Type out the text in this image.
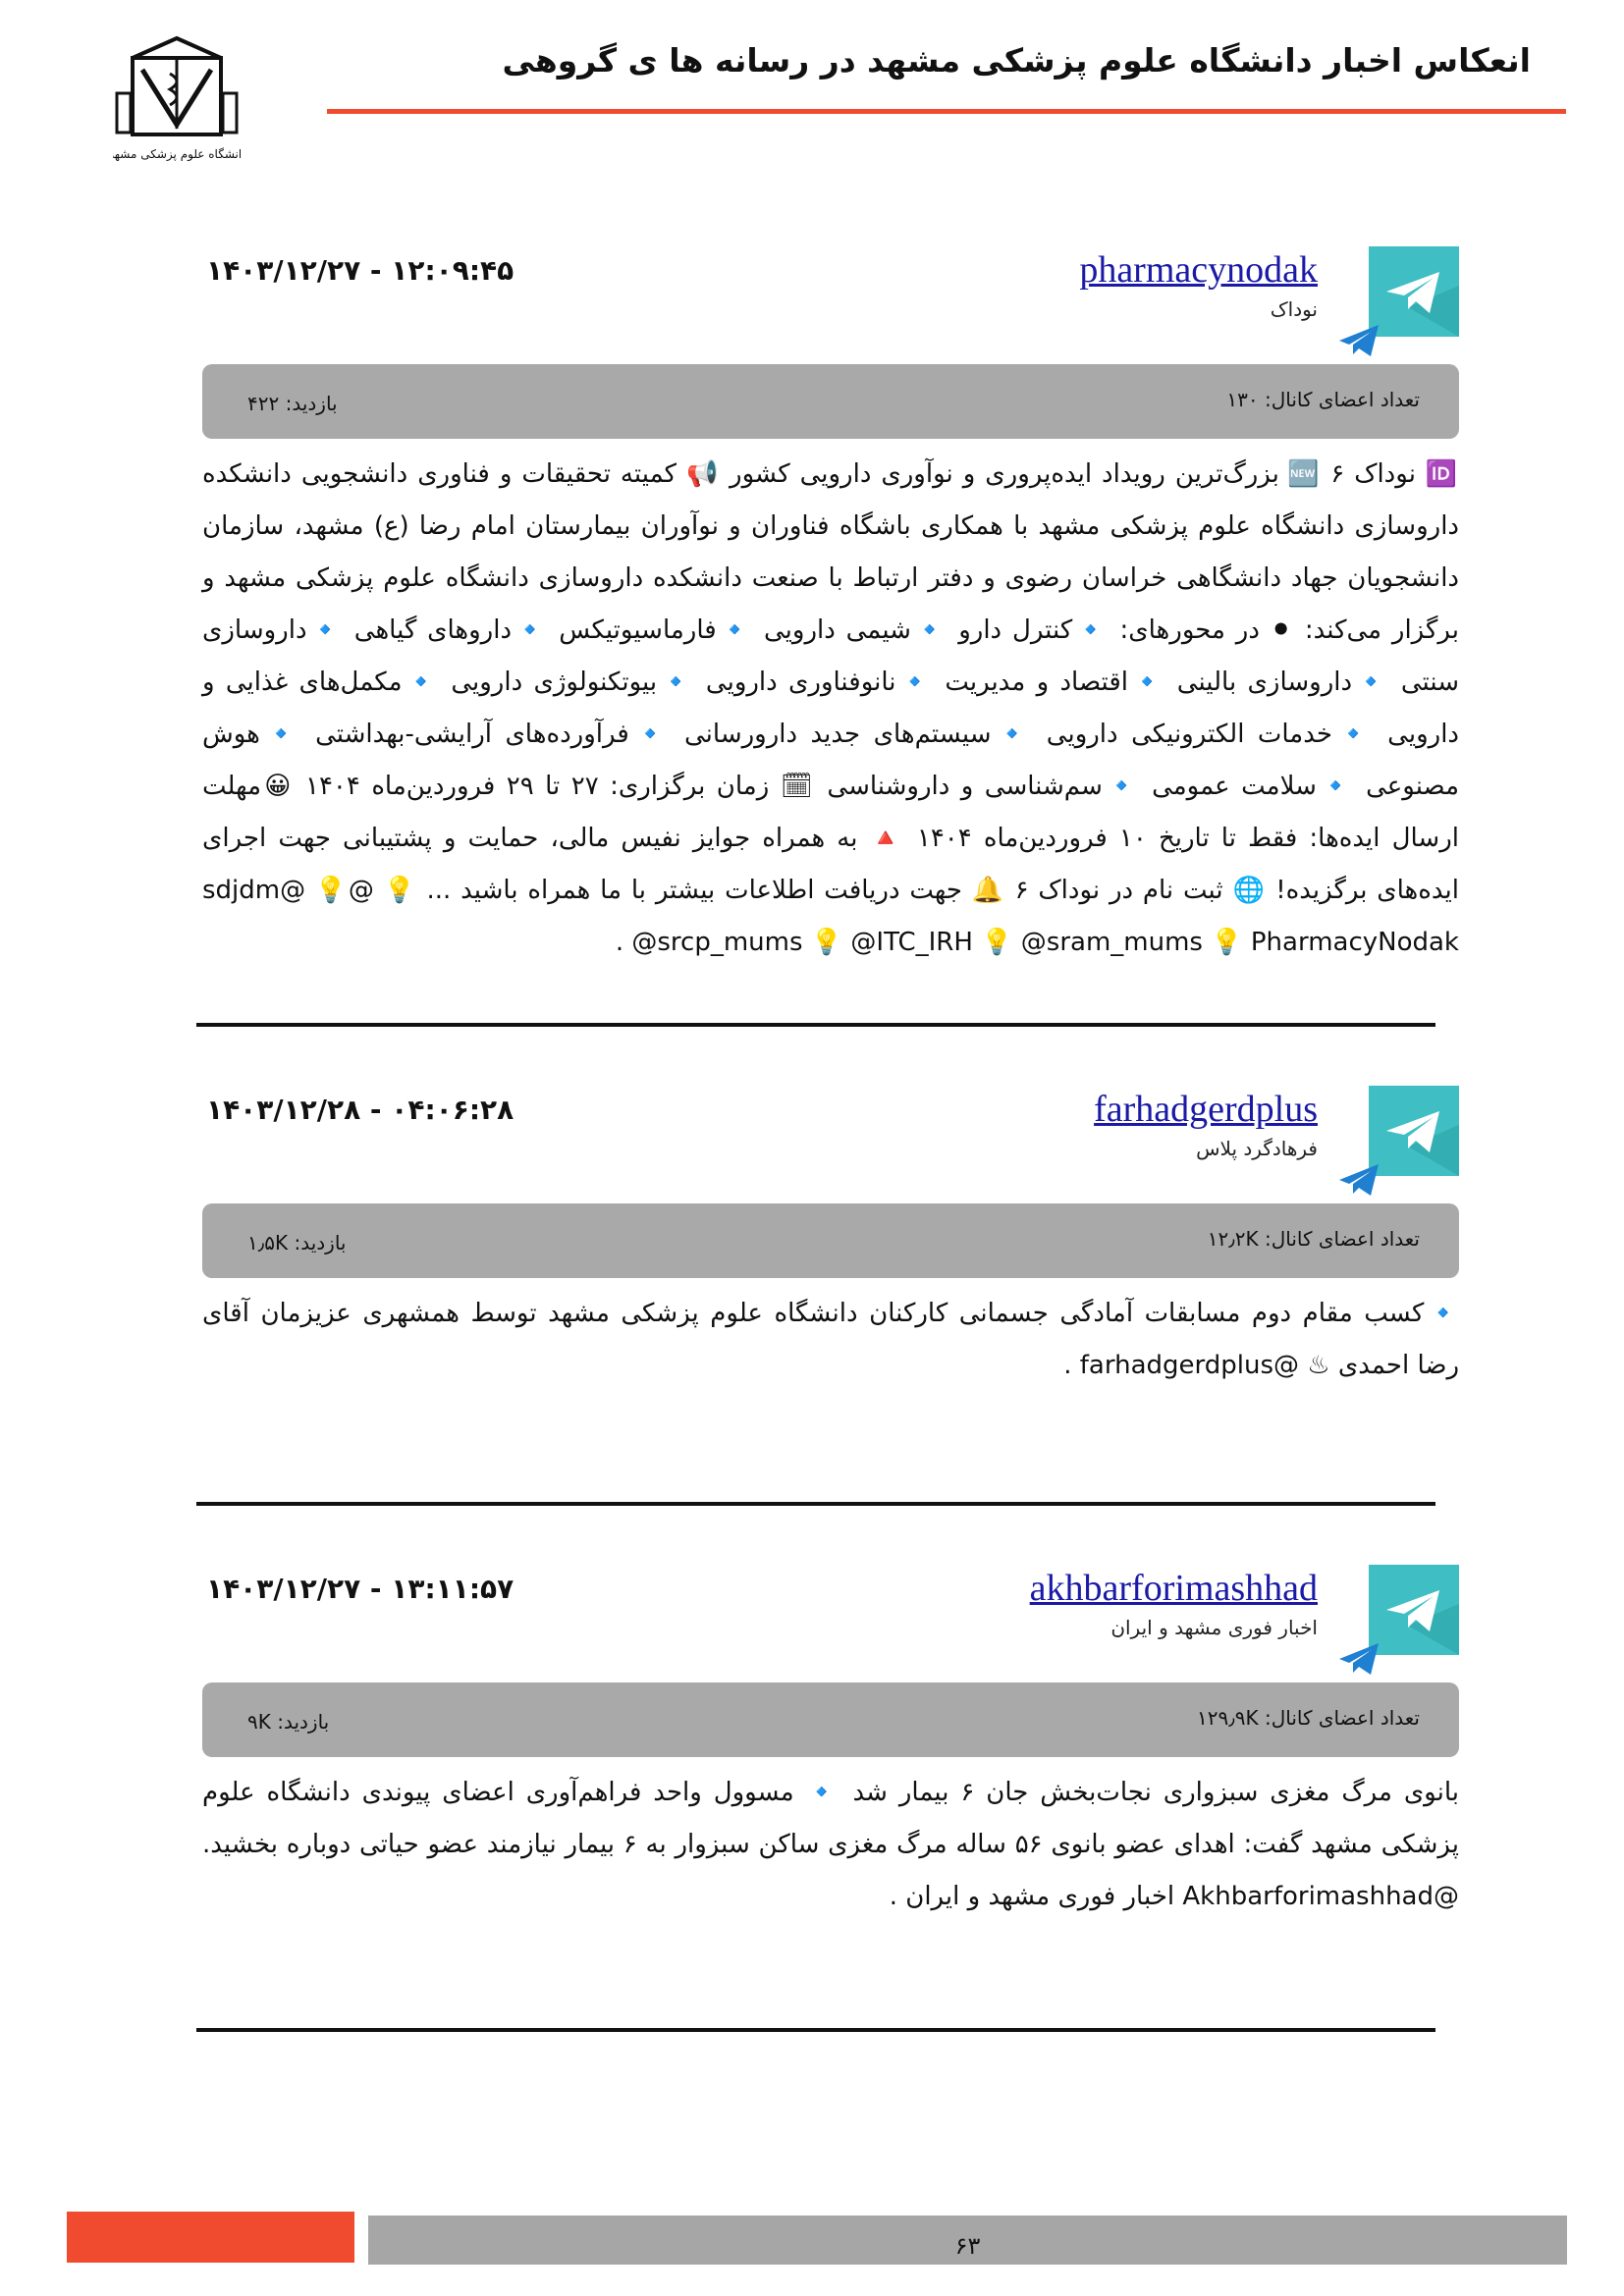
دانشگاه علوم پزشکی مشهد
انعکاس اخبار دانشگاه علوم پزشکی مشهد در رسانه ها ی گروهی
pharmacynodak
نوداک
۱۴۰۳/۱۲/۲۷ - ۱۲:۰۹:۴۵
تعداد اعضای کانال: ۱۳۰
بازدید: ۴۲۲
🆔 نوداک ۶ 🆕 بزرگ‌ترین رویداد ایده‌پروری و نوآوری دارویی کشور 📢 کمیته تحقیقات و فناوری دانشجویی دانشکده داروسازی دانشگاه علوم پزشکی مشهد با همکاری باشگاه فناوران و نوآوران بیمارستان امام رضا (ع) مشهد، سازمان دانشجویان جهاد دانشگاهی خراسان رضوی و دفتر ارتباط با صنعت دانشکده داروسازی دانشگاه علوم پزشکی مشهد و برگزار می‌کند: ⚫ در محورهای: 🔹کنترل دارو 🔹شیمی دارویی 🔹فارماسیوتیکس 🔹داروهای گیاهی 🔹داروسازی سنتی 🔹داروسازی بالینی 🔹اقتصاد و مدیریت 🔹نانوفناوری دارویی 🔹بیوتکنولوژی دارویی 🔹مکمل‌های غذایی و دارویی 🔹خدمات الکترونیکی دارویی 🔹سیستم‌های جدید دارورسانی 🔹فرآورده‌های آرایشی-بهداشتی 🔹هوش مصنوعی 🔹سلامت عمومی 🔹سم‌شناسی و داروشناسی 🗓 زمان برگزاری: ۲۷ تا ۲۹ فروردین‌ماه ۱۴۰۴ 😀مهلت ارسال ایده‌ها: فقط تا تاریخ ۱۰ فروردین‌ماه ۱۴۰۴ 🔺 به همراه جوایز نفیس مالی، حمایت و پشتیبانی جهت اجرای ایده‌های برگزیده! 🌐 ثبت نام در نوداک ۶ 🔔 جهت دریافت اطلاعات بیشتر با ما همراه باشید ... 💡 @sdjdm@ 💡 @srcp_mums 💡 @ITC_IRH 💡 @sram_mums 💡 PharmacyNodak .
farhadgerdplus
فرهادگرد پلاس
۱۴۰۳/۱۲/۲۸ - ۰۴:۰۶:۲۸
تعداد اعضای کانال: ۱۲٫۲K
بازدید: ۱٫۵K
🔹کسب مقام دوم مسابقات آمادگی جسمانی کارکنان دانشگاه علوم پزشکی مشهد توسط همشهری عزیزمان آقای رضا احمدی ♨ @farhadgerdplus .
akhbarforimashhad
اخبار فوری مشهد و ایران
۱۴۰۳/۱۲/۲۷ - ۱۳:۱۱:۵۷
تعداد اعضای کانال: ۱۲۹٫۹K
بازدید: ۹K
بانوی مرگ مغزی سبزواری نجات‌بخش جان ۶ بیمار شد 🔹 مسوول واحد فراهم‌آوری اعضای پیوندی دانشگاه علوم پزشکی مشهد گفت: اهدای عضو بانوی ۵۶ ساله مرگ مغزی ساکن سبزوار به ۶ بیمار نیازمند عضو حیاتی دوباره بخشید. @Akhbarforimashhad اخبار فوری مشهد و ایران .
۶۳
